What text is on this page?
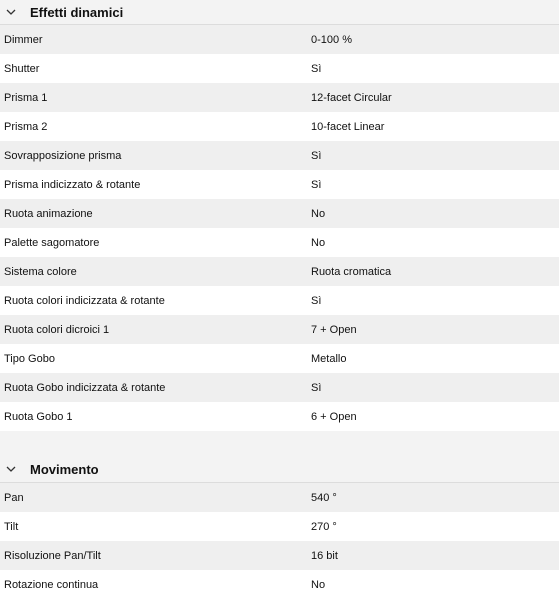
Effetti dinamici
Dimmer	0-100 %
Shutter	Sì
Prisma 1	12-facet Circular
Prisma 2	10-facet Linear
Sovrapposizione prisma	Sì
Prisma indicizzato & rotante	Sì
Ruota animazione	No
Palette sagomatore	No
Sistema colore	Ruota cromatica
Ruota colori indicizzata & rotante	Sì
Ruota colori dicroici 1	7 + Open
Tipo Gobo	Metallo
Ruota Gobo indicizzata & rotante	Sì
Ruota Gobo 1	6 + Open
Movimento
Pan	540 °
Tilt	270 °
Risoluzione Pan/Tilt	16 bit
Rotazione continua	No
